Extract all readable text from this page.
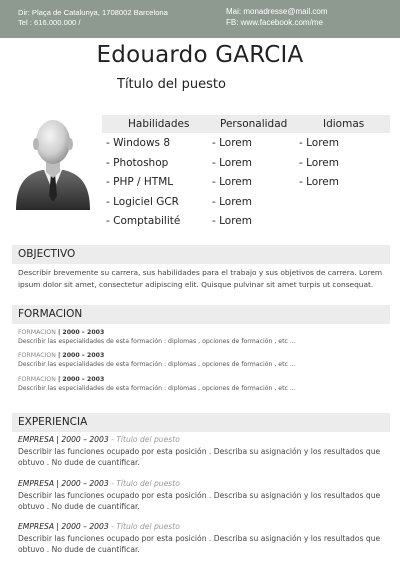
Dir: Plaça de Catalunya, 1708002 Barcelona
Tel : 616.000.000 /
Mai: monadresse@mail.com
FB: www.facebook.com/me
Edouardo GARCIA
Título del puesto
Habilidades	Personalidad	Idiomas
- Windows 8
- Photoshop
- PHP / HTML
- Logiciel GCR
- Comptabilité
- Lorem
- Lorem
- Lorem
- Lorem
- Lorem
- Lorem
- Lorem
- Lorem
OBJECTIVO
Describir brevemente su carrera, sus habilidades para el trabajo y sus objetivos de carrera. Lorem ipsum dolor sit amet, consectetur adipiscing elit. Quisque pulvinar sit amet turpis ut consequat.
FORMACION
FORMACION | 2000 – 2003
Describir las especialidades de esta formación : diplomas , opciones de formación , etc ...
FORMACION | 2000 – 2003
Describir las especialidades de esta formación : diplomas , opciones de formación , etc ...
FORMACION | 2000 – 2003
Describir las especialidades de esta formación : diplomas , opciones de formación , etc ...
EXPERIENCIA
EMPRESA | 2000 – 2003 - Título del puesto
Describir las funciones ocupado por esta posición . Describa su asignación y los resultados que obtuvo . No dude de cuantificar.
EMPRESA | 2000 – 2003 - Título del puesto
Describir las funciones ocupado por esta posición . Describa su asignación y los resultados que obtuvo . No dude de cuantificar.
EMPRESA | 2000 – 2003 - Título del puesto
Describir las funciones ocupado por esta posición . Describa su asignación y los resultados que obtuvo . No dude de cuantificar.
